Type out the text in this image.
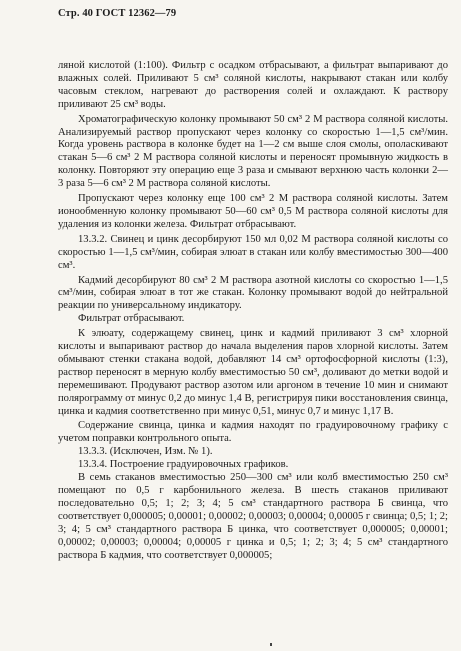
Стр. 40 ГОСТ 12362—79

ляной кислотой (1:100). Фильтр с осадком отбрасывают, а фильтрат выпаривают до влажных солей. Приливают 5 см³ соляной кислоты, накрывают стакан или колбу часовым стеклом, нагревают до растворения солей и охлаждают. К раствору приливают 25 см³ воды.

Хроматографическую колонку промывают 50 см³ 2 М раствора соляной кислоты. Анализируемый раствор пропускают через колонку со скоростью 1—1,5 см³/мин. Когда уровень раствора в колонке будет на 1—2 см выше слоя смолы, ополаскивают стакан 5—6 см³ 2 М раствора соляной кислоты и переносят промывную жидкость в колонку. Повторяют эту операцию еще 3 раза и смывают верхнюю часть колонки 2—3 раза 5—6 см³ 2 М раствора соляной кислоты.

Пропускают через колонку еще 100 см³ 2 М раствора соляной кислоты. Затем ионообменную колонку промывают 50—60 см³ 0,5 М раствора соляной кислоты для удаления из колонки железа. Фильтрат отбрасывают.

13.3.2. Свинец и цинк десорбируют 150 мл 0,02 М раствора соляной кислоты со скоростью 1—1,5 см³/мин, собирая элюат в стакан или колбу вместимостью 300—400 см³.

Кадмий десорбируют 80 см³ 2 М раствора азотной кислоты со скоростью 1—1,5 см³/мин, собирая элюат в тот же стакан. Колонку промывают водой до нейтральной реакции по универсальному индикатору.

Фильтрат отбрасывают.

К элюату, содержащему свинец, цинк и кадмий приливают 3 см³ хлорной кислоты и выпаривают раствор до начала выделения паров хлорной кислоты. Затем обмывают стенки стакана водой, добавляют 14 см³ ортофосфорной кислоты (1:3), раствор переносят в мерную колбу вместимостью 50 см³, доливают до метки водой и перемешивают. Продувают раствор азотом или аргоном в течение 10 мин и снимают полярограмму от минус 0,2 до минус 1,4 В, регистрируя пики восстановления свинца, цинка и кадмия соответственно при минус 0,51, минус 0,7 и минус 1,17 В.

Содержание свинца, цинка и кадмия находят по градуировочному графику с учетом поправки контрольного опыта.

13.3.3. (Исключен, Изм. № 1).

13.3.4. Построение градуировочных графиков.

В семь стаканов вместимостью 250—300 см³ или колб вместимостью 250 см³ помещают по 0,5 г карбонильного железа. В шесть стаканов приливают последовательно 0,5; 1; 2; 3; 4; 5 см³ стандартного раствора Б свинца, что соответствует 0,000005; 0,00001; 0,00002; 0,00003; 0,00004; 0,00005 г свинца; 0,5; 1; 2; 3; 4; 5 см³ стандартного раствора Б цинка, что соответствует 0,000005; 0,00001; 0,00002; 0,00003; 0,00004; 0,00005 г цинка и 0,5; 1; 2; 3; 4; 5 см³ стандартного раствора Б кадмия, что соответствует 0,000005;
